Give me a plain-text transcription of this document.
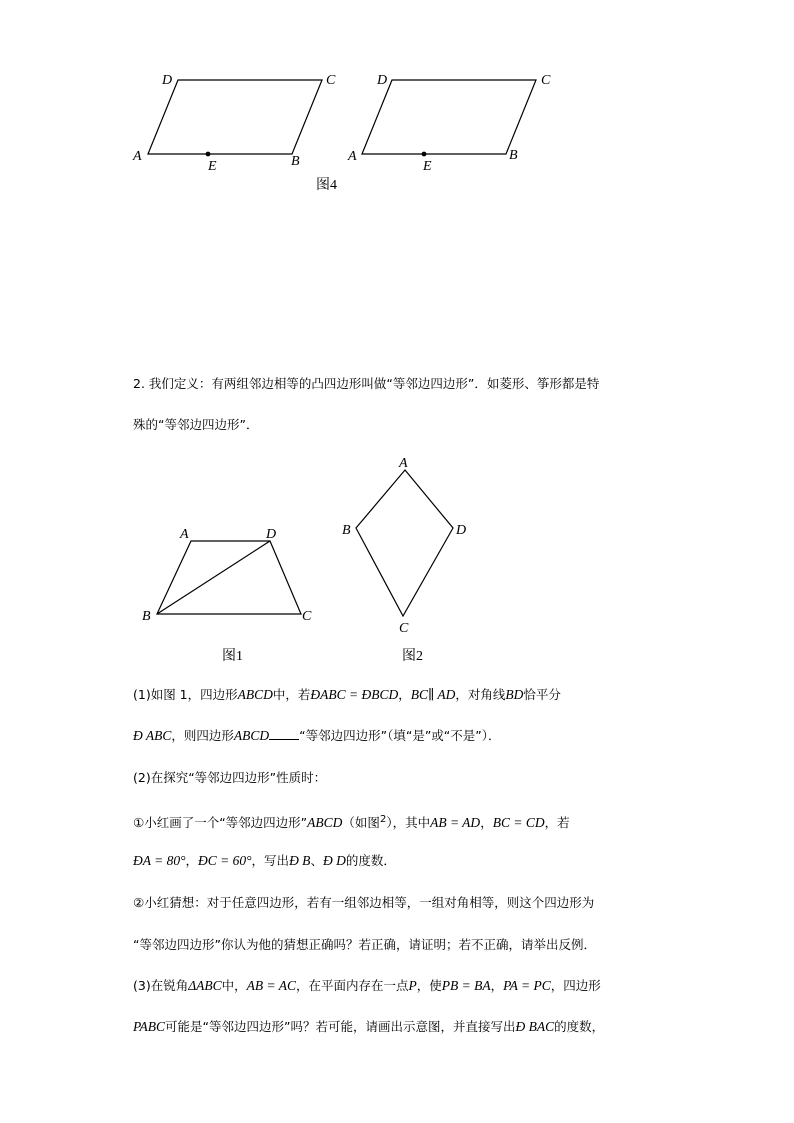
A	B
C
D
E
A	B
C
D
E
图4
2. 我们定义：有两组邻边相等的凸四边形叫做“等邻边四边形”．如菱形、筝形都是特
殊的“等邻边四边形”．
A	D
B	C
图1
A
D
B
C
图2
(1)如图 1，四边形ABCD中，若ÐABC = ÐBCD，BC∥ AD，对角线BD恰平分
Ð ABC，则四边形ABCD “等邻边四边形”（填“是”或“不是”）．
(2)在探究“等邻边四边形”性质时：
①小红画了一个“等邻边四边形”ABCD（如图$^2$），其中AB = AD，BC = CD，若
ÐA = 80°，ÐC = 60°，写出Ð B、Ð D的度数．
②小红猜想：对于任意四边形，若有一组邻边相等，一组对角相等，则这个四边形为
“等邻边四边形”你认为他的猜想正确吗？若正确，请证明；若不正确，请举出反例．
(3)在锐角ΔABC中，AB = AC，在平面内存在一点P，使PB = BA，PA = PC，四边形
PABC可能是“等邻边四边形”吗？若可能，请画出示意图，并直接写出Ð BAC的度数，
